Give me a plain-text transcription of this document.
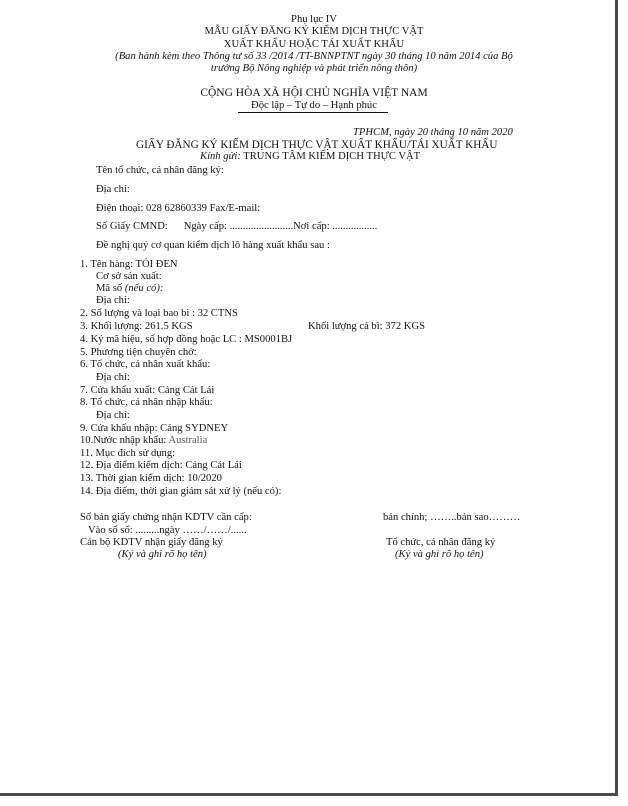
Phụ lục IV
MẪU GIẤY ĐĂNG KÝ KIỂM DỊCH THỰC VẬT
XUẤT KHẨU HOẶC TÁI XUẤT KHẨU
(Ban hành kèm theo Thông tư số 33 /2014 /TT-BNNPTNT ngày 30 tháng 10 năm 2014 của Bộ
trưởng Bộ Nông nghiệp và phát triển nông thôn)
CỘNG HÒA XÃ HỘI CHỦ NGHĨA VIỆT NAM
Độc lập – Tự do – Hạnh phúc
TPHCM, ngày 20 tháng 10 năm 2020
GIẤY ĐĂNG KÝ KIỂM DỊCH THỰC VẬT XUẤT KHẨU/TÁI XUẤT KHẨU
Kính gửi: TRUNG TÂM KIỂM DỊCH THỰC VẬT
Tên tổ chức, cá nhân đăng ký:
Địa chỉ:
Điện thoại: 028 62860339 Fax/E-mail:
Số Giấy CMND:      Ngày cấp: ........................Nơi cấp: .................
Đề nghị quý cơ quan kiểm dịch lô hàng xuất khẩu sau :
1. Tên hàng: TỎI ĐEN
Cơ sở sản xuất:
Mã số (nếu có):
Địa chỉ:
2. Số lượng và loại bao bì : 32 CTNS
3. Khối lượng: 261.5 KGS	Khối lượng cả bì: 372 KGS
4. Ký mã hiệu, số hợp đồng hoặc LC : MS0001BJ
5. Phương tiện chuyên chở:
6. Tổ chức, cá nhân xuất khẩu:
Địa chỉ:
7. Cửa khẩu xuất: Cảng Cát Lái
8. Tổ chức, cá nhân nhập khẩu:
Địa chỉ:
9. Cửa khẩu nhập: Cảng SYDNEY
10.Nước nhập khẩu: Australia
11. Mục đích sử dụng:
12. Địa điểm kiểm dịch: Cảng Cát Lái
13. Thời gian kiểm dịch: 10/2020
14. Địa điểm, thời gian giám sát xử lý (nếu có):
Số bản giấy chứng nhận KDTV cần cấp:	bản chính; ……..bản sao………
Vào sổ số: .........ngày ……/……/......
Cán bộ KDTV nhận giấy đăng ký
(Ký và ghi rõ họ tên)
Tổ chức, cá nhân đăng ký
(Ký và ghi rõ họ tên)
